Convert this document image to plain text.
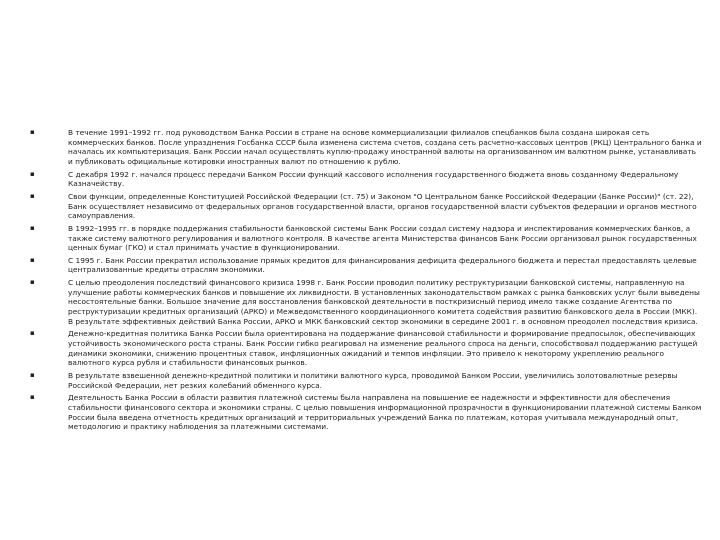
▪	В течение 1991–1992 гг. под руководством Банка России в стране на основе коммерциализации филиалов спецбанков была создана широкая сеть коммерческих банков. После упразднения Госбанка СССР была изменена система счетов, создана сеть расчетно-кассовых центров (РКЦ) Центрального банка и началась их компьютеризация. Банк России начал осуществлять куплю-продажу иностранной валюты на организованном им валютном рынке, устанавливать и публиковать официальные котировки иностранных валют по отношению к рублю.
▪	С декабря 1992 г. начался процесс передачи Банком России функций кассового исполнения государственного бюджета вновь созданному Федеральному Казначейству.
▪	Свои функции, определенные Конституцией Российской Федерации (ст. 75) и Законом "О Центральном банке Российской Федерации (Банке России)" (ст. 22), Банк осуществляет независимо от федеральных органов государственной власти, органов государственной власти субъектов федерации и органов местного самоуправления.
▪	В 1992–1995 гг. в порядке поддержания стабильности банковской системы Банк России создал систему надзора и инспектирования коммерческих банков, а также систему валютного регулирования и валютного контроля. В качестве агента Министерства финансов Банк России организовал рынок государственных ценных бумаг (ГКО) и стал принимать участие в функционировании.
▪	С 1995 г. Банк России прекратил использование прямых кредитов для финансирования дефицита федерального бюджета и перестал предоставлять целевые централизованные кредиты отраслям экономики.
▪	С целью преодоления последствий финансового кризиса 1998 г. Банк России проводил политику реструктуризации банковской системы, направленную на улучшение работы коммерческих банков и повышение их ликвидности. В установленных законодательством рамках с рынка банковских услуг были выведены несостоятельные банки. Большое значение для восстановления банковской деятельности в посткризисный период имело также создание Агентства по реструктуризации кредитных организаций (АРКО) и Межведомственного координационного комитета содействия развитию банковского дела в России (МКК). В результате эффективных действий Банка России, АРКО и МКК банковский сектор экономики в середине 2001 г. в основном преодолел последствия кризиса.
▪	Денежно-кредитная политика Банка России была ориентирована на поддержание финансовой стабильности и формирование предпосылок, обеспечивающих устойчивость экономического роста страны. Банк России гибко реагировал на изменение реального спроса на деньги, способствовал поддержанию растущей динамики экономики, снижению процентных ставок, инфляционных ожиданий и темпов инфляции. Это привело к некоторому укреплению реального валютного курса рубля и стабильности финансовых рынков.
▪	В результате взвешенной денежно-кредитной политики и политики валютного курса, проводимой Банком России, увеличились золотовалютные резервы Российской Федерации, нет резких колебаний обменного курса.
▪	Деятельность Банка России в области развития платежной системы была направлена на повышение ее надежности и эффективности для обеспечения стабильности финансового сектора и экономики страны. С целью повышения информационной прозрачности в функционировании платежной системы Банком России была введена отчетность кредитных организаций и территориальных учреждений Банка по платежам, которая учитывала международный опыт, методологию и практику наблюдения за платежными системами.
